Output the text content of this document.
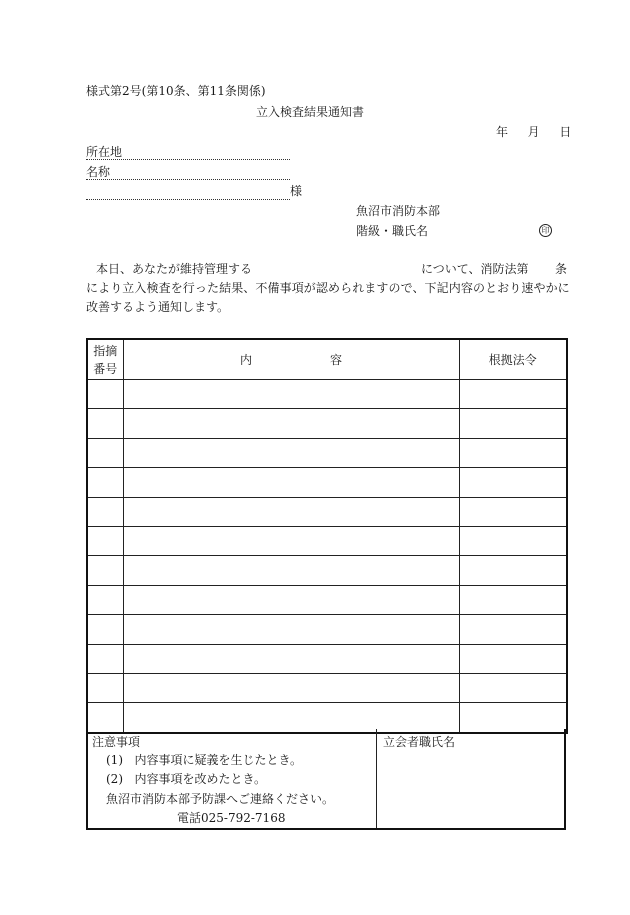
様式第2号(第10条、第11条関係)
立入検査結果通知書
年 月 日
所在地
名称
様
魚沼市消防本部
階級・職氏名	印
本日、あなたが維持管理する	について、消防法第 条
により立入検査を行った結果、不備事項が認められますので、下記内容のとおり速やかに
改善するよう通知します。
指摘
番号	内 容	根拠法令

注意事項
(1) 内容事項に疑義を生じたとき。
(2) 内容事項を改めたとき。
魚沼市消防本部予防課へご連絡ください。
電話025-792-7168
立会者職氏名
